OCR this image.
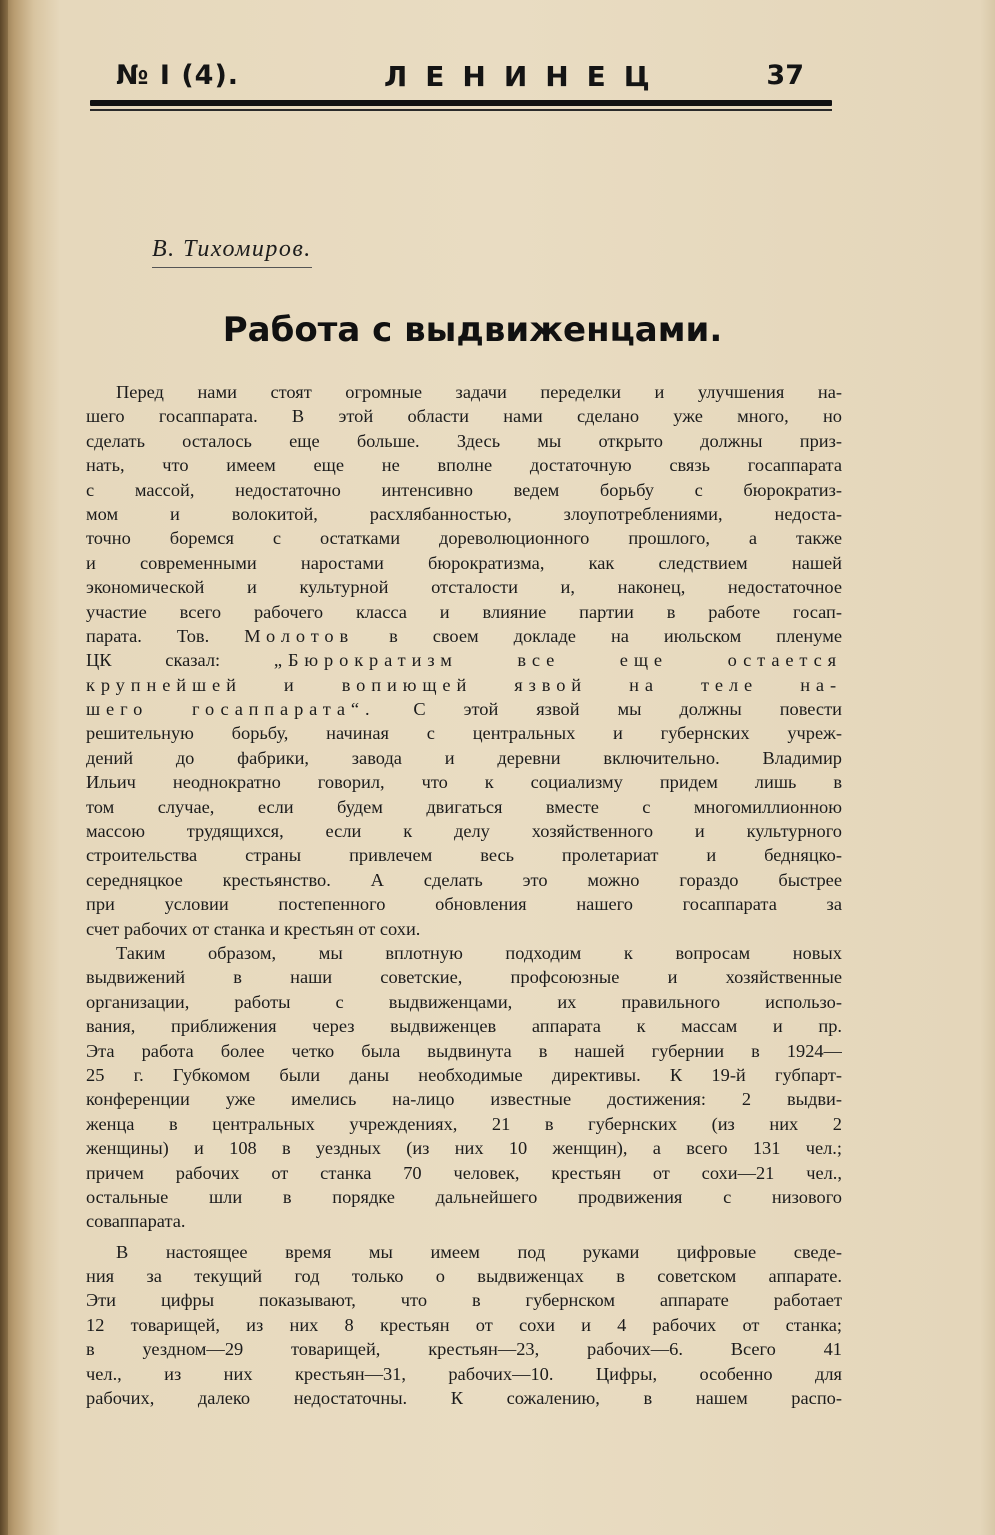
№ I (4).	ЛЕНИНЕЦ	37
В. Тихомиров.
Работа с выдвиженцами.
Перед нами стоят огромные задачи переделки и улучшения на-
шего госаппарата. В этой области нами сделано уже много, но
сделать осталось еще больше. Здесь мы открыто должны приз-
нать, что имеем еще не вполне достаточную связь госаппарата
с массой, недостаточно интенсивно ведем борьбу с бюрократиз-
мом и волокитой, расхлябанностью, злоупотреблениями, недоста-
точно боремся с остатками дореволюционного прошлого, а также
и современными наростами бюрократизма, как следствием нашей
экономической и культурной отсталости и, наконец, недостаточное
участие всего рабочего класса и влияние партии в работе госап-
парата. Тов. Молотов в своем докладе на июльском пленуме
ЦК сказал:	„Бюрократизм все еще остается
крупнейшей и вопиющей язвой на теле на-
шего госаппарата“. С этой язвой мы должны повести
решительную борьбу, начиная с центральных и губернских учреж-
дений до фабрики, завода и деревни включительно. Владимир
Ильич неоднократно говорил, что к социализму придем лишь в
том случае, если будем двигаться вместе с многомиллионною
массою трудящихся, если к делу хозяйственного и культурного
строительства страны привлечем весь пролетариат и бедняцко-
середняцкое крестьянство. А сделать это можно гораздо быстрее
при условии постепенного обновления нашего госаппарата за
счет рабочих от станка и крестьян от сохи.
Таким образом, мы вплотную подходим к вопросам новых
выдвижений в наши советские, профсоюзные и хозяйственные
организации, работы с выдвиженцами, их правильного использо-
вания, приближения через выдвиженцев аппарата к массам и пр.
Эта работа более четко была выдвинута в нашей губернии в 1924—
25 г. Губкомом были даны необходимые директивы. К 19-й губпарт-
конференции уже имелись на-лицо известные достижения: 2 выдви-
женца в центральных учреждениях, 21 в губернских (из них 2
женщины) и 108 в уездных (из них 10 женщин), а всего 131 чел.;
причем рабочих от станка 70 человек, крестьян от сохи—21 чел.,
остальные шли в порядке дальнейшего продвижения с низового
соваппарата.
В настоящее время мы имеем под руками цифровые сведе-
ния за текущий год только о выдвиженцах в советском аппарате.
Эти цифры показывают, что в губернском аппарате работает
12 товарищей, из них 8 крестьян от сохи и 4 рабочих от станка;
в уездном—29 товарищей, крестьян—23, рабочих—6. Всего 41
чел., из них крестьян—31, рабочих—10. Цифры, особенно для
рабочих, далеко недостаточны. К сожалению, в нашем распо-
